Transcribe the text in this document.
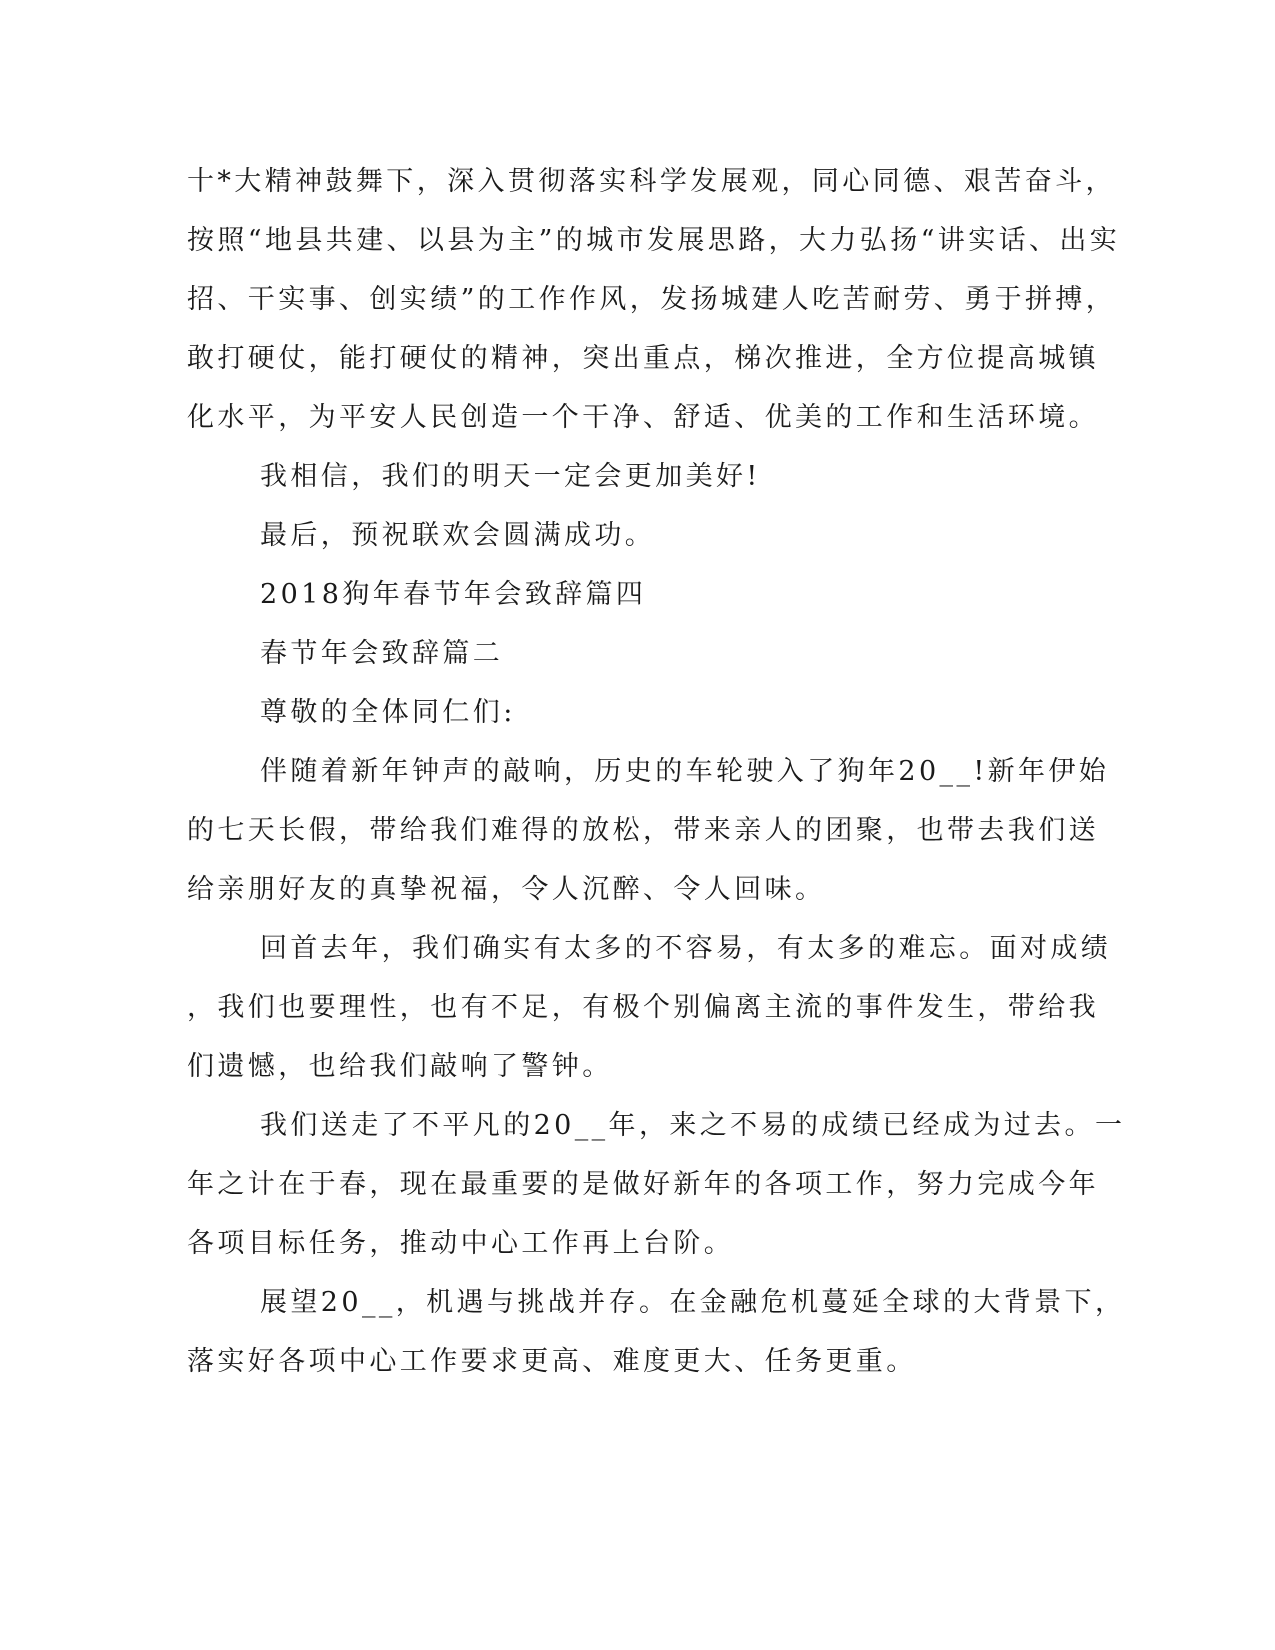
十*大精神鼓舞下，深入贯彻落实科学发展观，同心同德、艰苦奋斗，
按照“地县共建、以县为主”的城市发展思路，大力弘扬“讲实话、出实
招、干实事、创实绩”的工作作风，发扬城建人吃苦耐劳、勇于拼搏，
敢打硬仗，能打硬仗的精神，突出重点，梯次推进，全方位提高城镇
化水平，为平安人民创造一个干净、舒适、优美的工作和生活环境。
我相信，我们的明天一定会更加美好!
最后，预祝联欢会圆满成功。
2018狗年春节年会致辞篇四
春节年会致辞篇二
尊敬的全体同仁们:
伴随着新年钟声的敲响，历史的车轮驶入了狗年20__!新年伊始
的七天长假，带给我们难得的放松，带来亲人的团聚，也带去我们送
给亲朋好友的真挚祝福，令人沉醉、令人回味。
回首去年，我们确实有太多的不容易，有太多的难忘。面对成绩
，我们也要理性，也有不足，有极个别偏离主流的事件发生，带给我
们遗憾，也给我们敲响了警钟。
我们送走了不平凡的20__年，来之不易的成绩已经成为过去。一
年之计在于春，现在最重要的是做好新年的各项工作，努力完成今年
各项目标任务，推动中心工作再上台阶。
展望20__，机遇与挑战并存。在金融危机蔓延全球的大背景下，
落实好各项中心工作要求更高、难度更大、任务更重。
